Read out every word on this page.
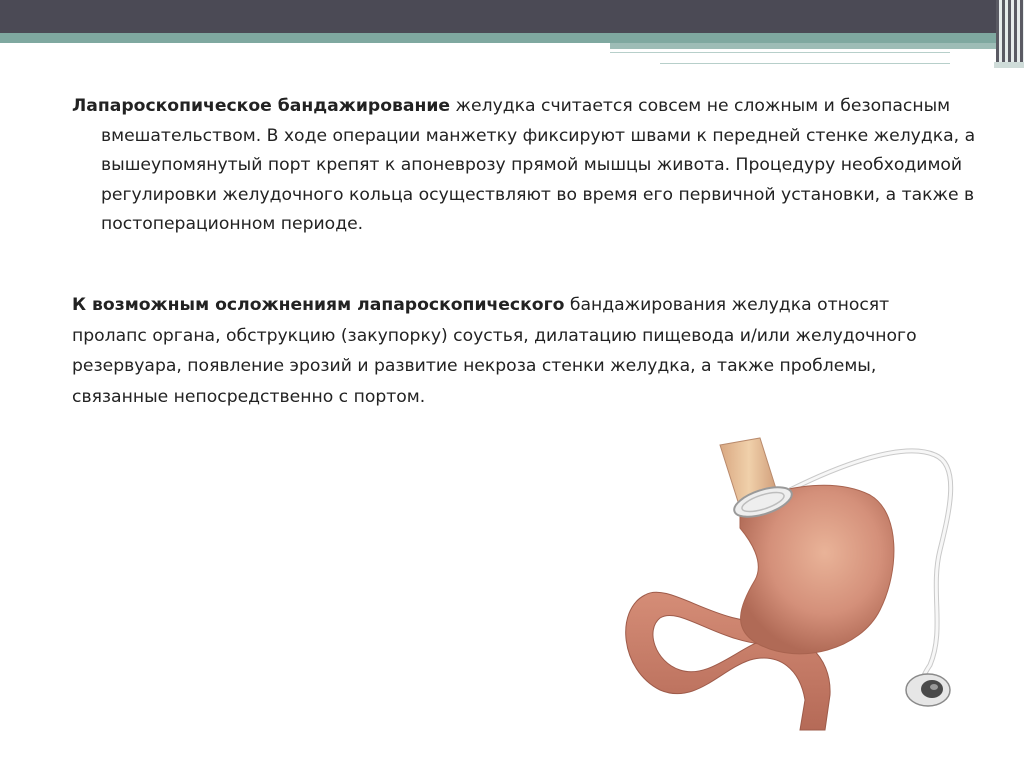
Лапароскопическое бандажирование желудка считается совсем не сложным и безопасным вмешательством. В ходе операции манжетку фиксируют швами к передней стенке желудка, а вышеупомянутый порт крепят к апоневрозу прямой мышцы живота. Процедуру необходимой регулировки желудочного кольца осуществляют во время его первичной установки, а также в постоперационном периоде.

К возможным осложнениям лапароскопического бандажирования желудка относят пролапс органа, обструкцию (закупорку) соустья, дилатацию пищевода и/или желудочного резервуара, появление эрозий и развитие некроза стенки желудка, а также проблемы, связанные непосредственно с портом.
